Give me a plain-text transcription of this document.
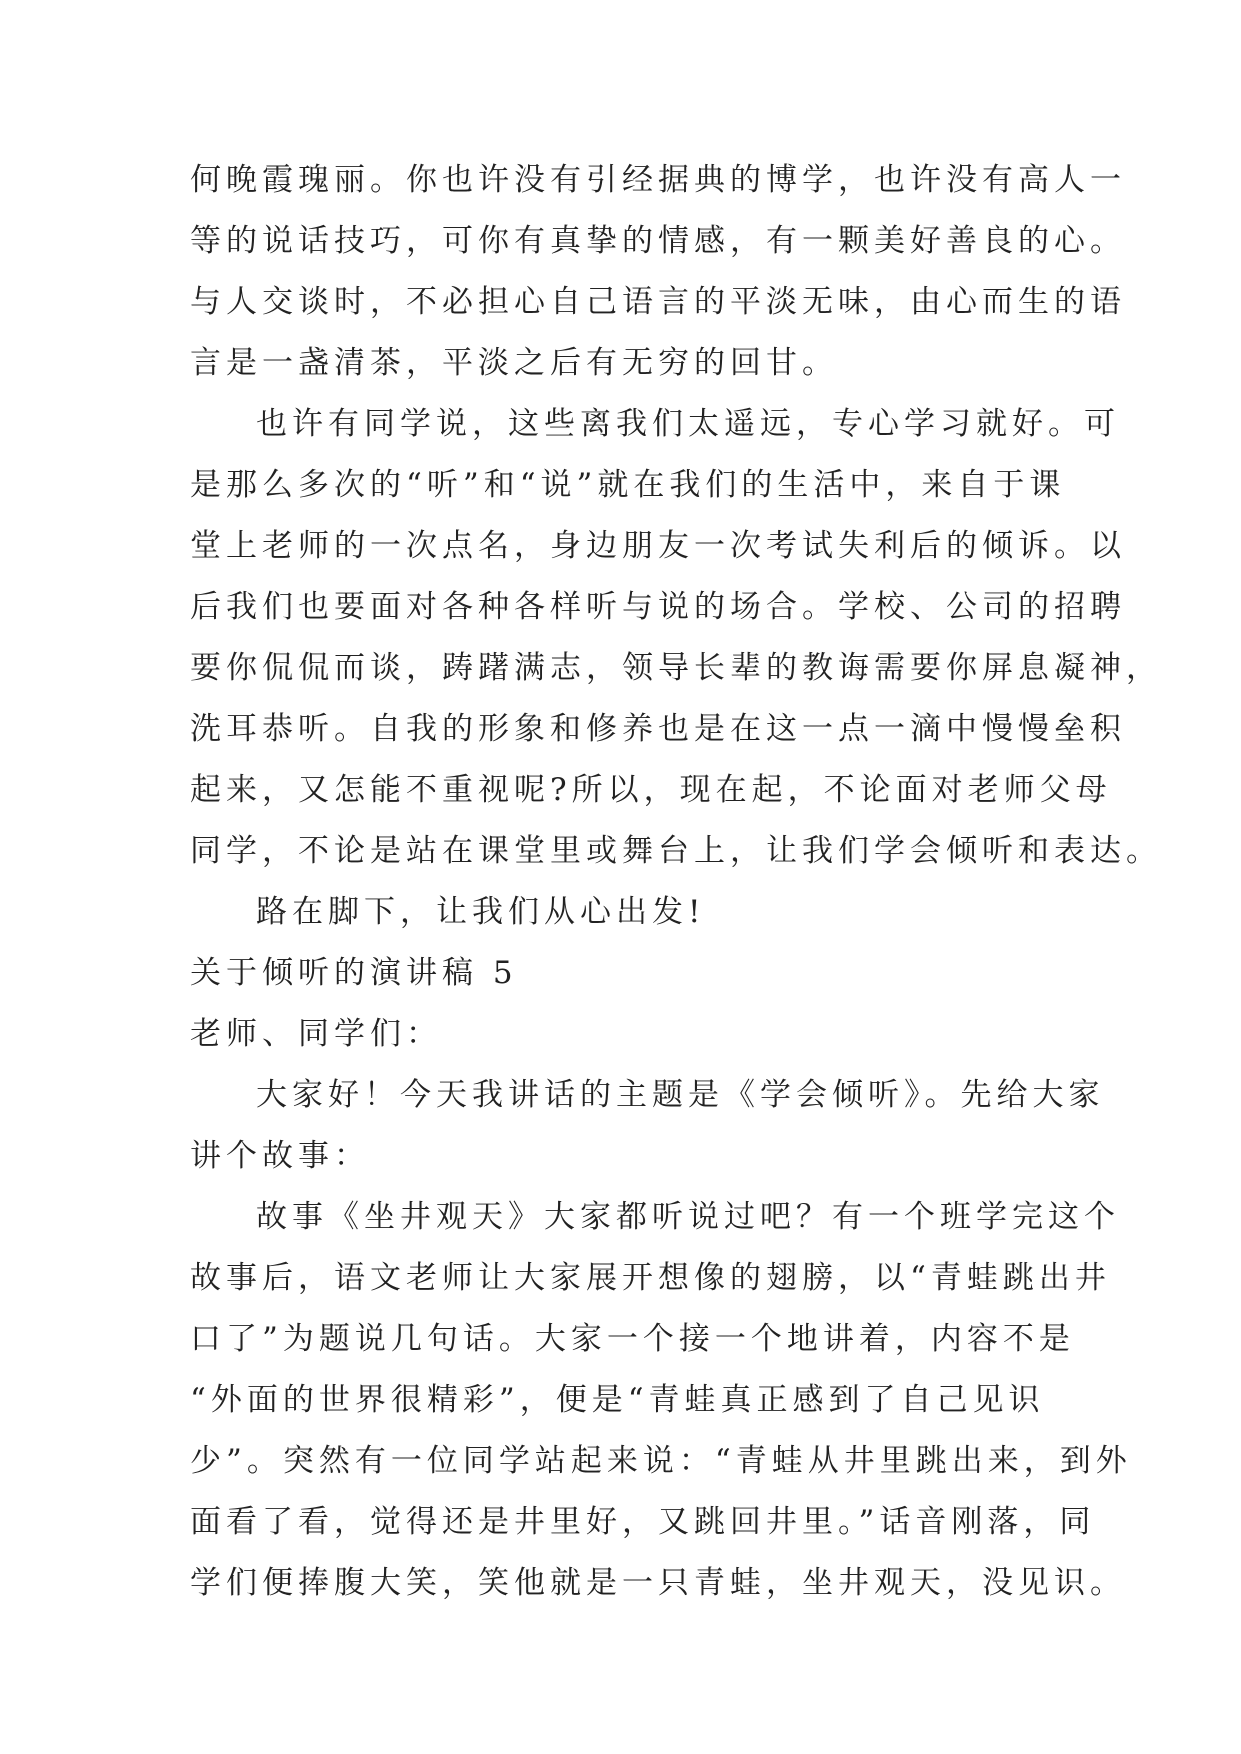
何晚霞瑰丽。你也许没有引经据典的博学，也许没有高人一
等的说话技巧，可你有真挚的情感，有一颗美好善良的心。
与人交谈时，不必担心自己语言的平淡无味，由心而生的语
言是一盏清茶，平淡之后有无穷的回甘。
也许有同学说，这些离我们太遥远，专心学习就好。可
是那么多次的“听”和“说”就在我们的生活中，来自于课
堂上老师的一次点名，身边朋友一次考试失利后的倾诉。以
后我们也要面对各种各样听与说的场合。学校、公司的招聘
要你侃侃而谈，踌躇满志，领导长辈的教诲需要你屏息凝神，
洗耳恭听。自我的形象和修养也是在这一点一滴中慢慢垒积
起来，又怎能不重视呢?所以，现在起，不论面对老师父母
同学，不论是站在课堂里或舞台上，让我们学会倾听和表达。
路在脚下，让我们从心出发!
关于倾听的演讲稿 5
老师、同学们：
大家好！今天我讲话的主题是《学会倾听》。先给大家
讲个故事：
故事《坐井观天》大家都听说过吧？有一个班学完这个
故事后，语文老师让大家展开想像的翅膀，以“青蛙跳出井
口了”为题说几句话。大家一个接一个地讲着，内容不是
“外面的世界很精彩”，便是“青蛙真正感到了自己见识
少”。突然有一位同学站起来说：“青蛙从井里跳出来，到外
面看了看，觉得还是井里好，又跳回井里。”话音刚落，同
学们便捧腹大笑，笑他就是一只青蛙，坐井观天，没见识。
